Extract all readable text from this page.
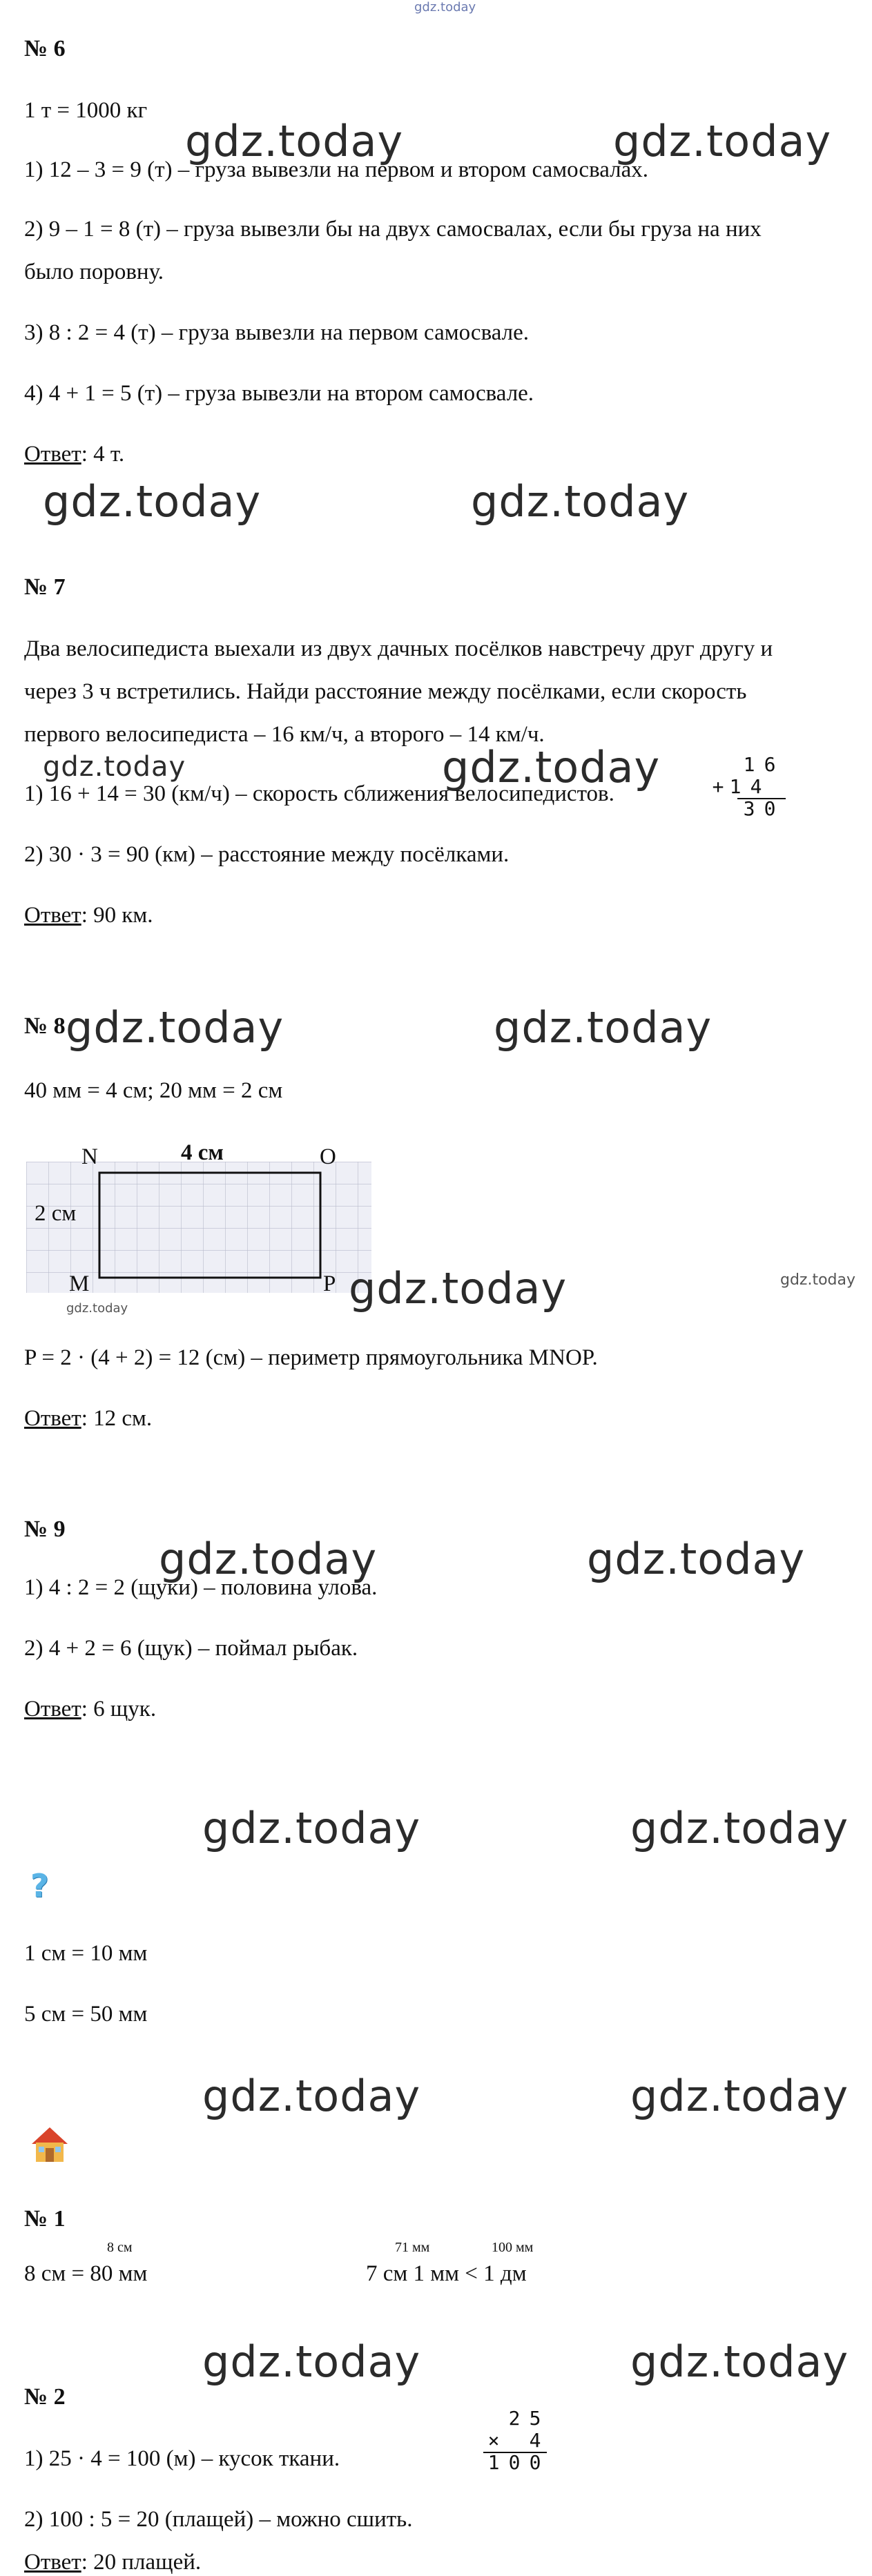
gdz.today
№ 6
1 т = 1000 кг
gdz.today	gdz.today
1) 12 – 3 = 9 (т) – груза вывезли на первом и втором самосвалах.
2) 9 – 1 = 8 (т) – груза вывезли бы на двух самосвалах, если бы груза на них
было поровну.
3) 8 : 2 = 4 (т) – груза вывезли на первом самосвале.
4) 4 + 1 = 5 (т) – груза вывезли на втором самосвале.
Ответ: 4 т.
gdz.today	gdz.today
№ 7
Два велосипедиста выехали из двух дачных посёлков навстречу друг другу и
через 3 ч встретились. Найди расстояние между посёлками, если скорость
первого велосипедиста – 16 км/ч, а второго – 14 км/ч.
gdz.today	gdz.today
1) 16 + 14 = 30 (км/ч) – скорость сближения велосипедистов.
1 6
+ 1 4
3 0
2) 30 · 3 = 90 (км) – расстояние между посёлками.
Ответ: 90 км.
№ 8 gdz.today	gdz.today
40 мм = 4 см; 20 мм = 2 см
N	O
M	P
4 см
2 см
gdz.today	gdz.today	gdz.today
P = 2 · (4 + 2) = 12 (см) – периметр прямоугольника MNOP.
Ответ: 12 см.
№ 9
gdz.today	gdz.today
1) 4 : 2 = 2 (щуки) – половина улова.
2) 4 + 2 = 6 (щук) – поймал рыбак.
Ответ: 6 щук.
gdz.today	gdz.today
?
1 см = 10 мм
5 см = 50 мм
gdz.today	gdz.today
№ 1
8 см
8 см = 80 мм
71 мм	100 мм
7 см 1 мм < 1 дм
gdz.today	gdz.today
№ 2
1) 25 · 4 = 100 (м) – кусок ткани.
2 5
× 4
1 0 0
2) 100 : 5 = 20 (плащей) – можно сшить.
Ответ: 20 плащей.
